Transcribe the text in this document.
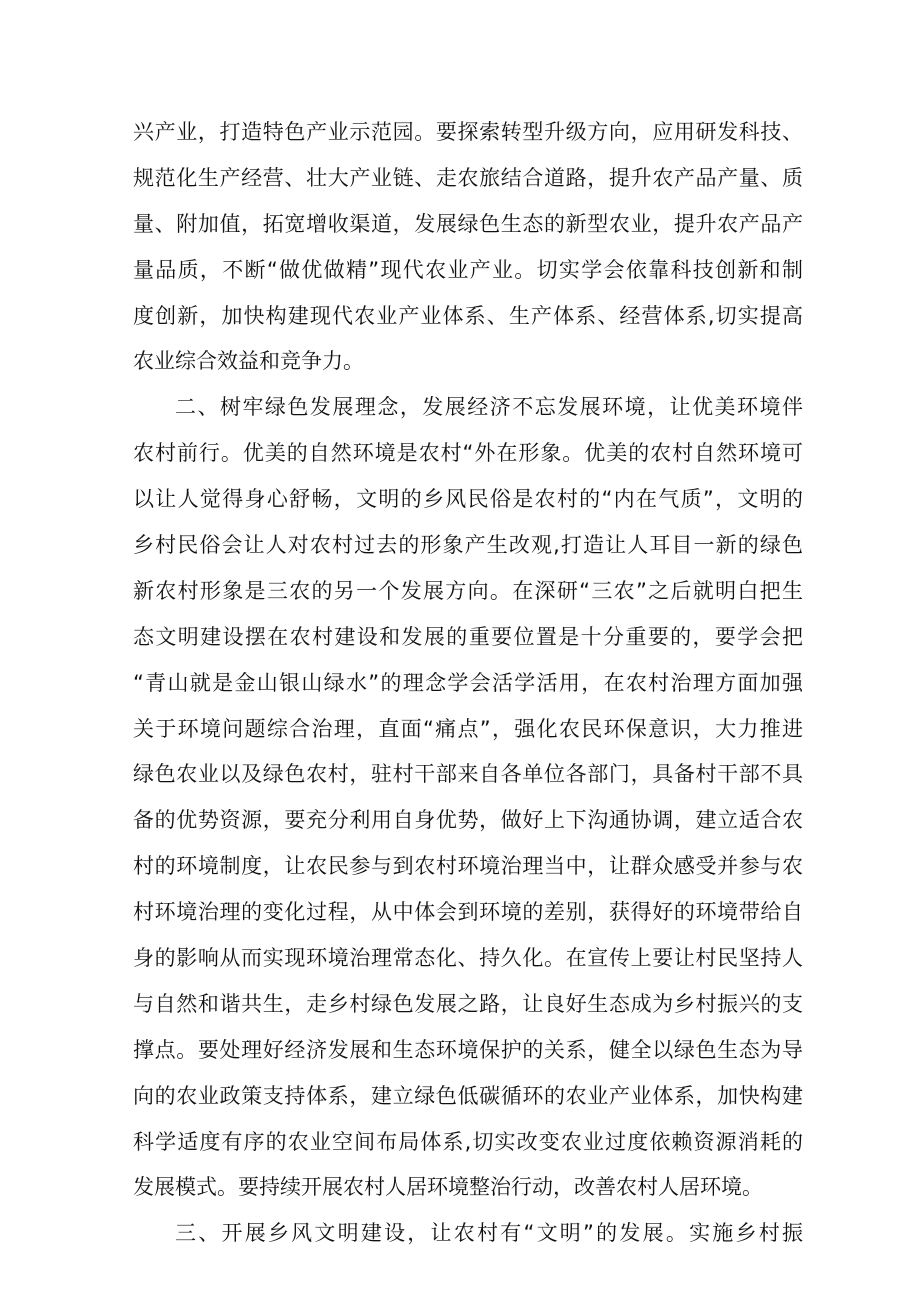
兴产业，打造特色产业示范园。要探索转型升级方向，应用研发科技、
规范化生产经营、壮大产业链、走农旅结合道路，提升农产品产量、质
量、附加值，拓宽增收渠道，发展绿色生态的新型农业，提升农产品产
量品质，不断“做优做精”现代农业产业。切实学会依靠科技创新和制
度创新，加快构建现代农业产业体系、生产体系、经营体系,切实提高
农业综合效益和竞争力。
二、树牢绿色发展理念，发展经济不忘发展环境，让优美环境伴
农村前行。优美的自然环境是农村“外在形象。优美的农村自然环境可
以让人觉得身心舒畅，文明的乡风民俗是农村的“内在气质”，文明的
乡村民俗会让人对农村过去的形象产生改观,打造让人耳目一新的绿色
新农村形象是三农的另一个发展方向。在深研“三农”之后就明白把生
态文明建设摆在农村建设和发展的重要位置是十分重要的，要学会把
“青山就是金山银山绿水”的理念学会活学活用，在农村治理方面加强
关于环境问题综合治理，直面“痛点”，强化农民环保意识，大力推进
绿色农业以及绿色农村，驻村干部来自各单位各部门，具备村干部不具
备的优势资源，要充分利用自身优势，做好上下沟通协调，建立适合农
村的环境制度，让农民参与到农村环境治理当中，让群众感受并参与农
村环境治理的变化过程，从中体会到环境的差别，获得好的环境带给自
身的影响从而实现环境治理常态化、持久化。在宣传上要让村民坚持人
与自然和谐共生，走乡村绿色发展之路，让良好生态成为乡村振兴的支
撑点。要处理好经济发展和生态环境保护的关系，健全以绿色生态为导
向的农业政策支持体系，建立绿色低碳循环的农业产业体系，加快构建
科学适度有序的农业空间布局体系,切实改变农业过度依赖资源消耗的
发展模式。要持续开展农村人居环境整治行动，改善农村人居环境。
三、开展乡风文明建设，让农村有“文明”的发展。实施乡村振
